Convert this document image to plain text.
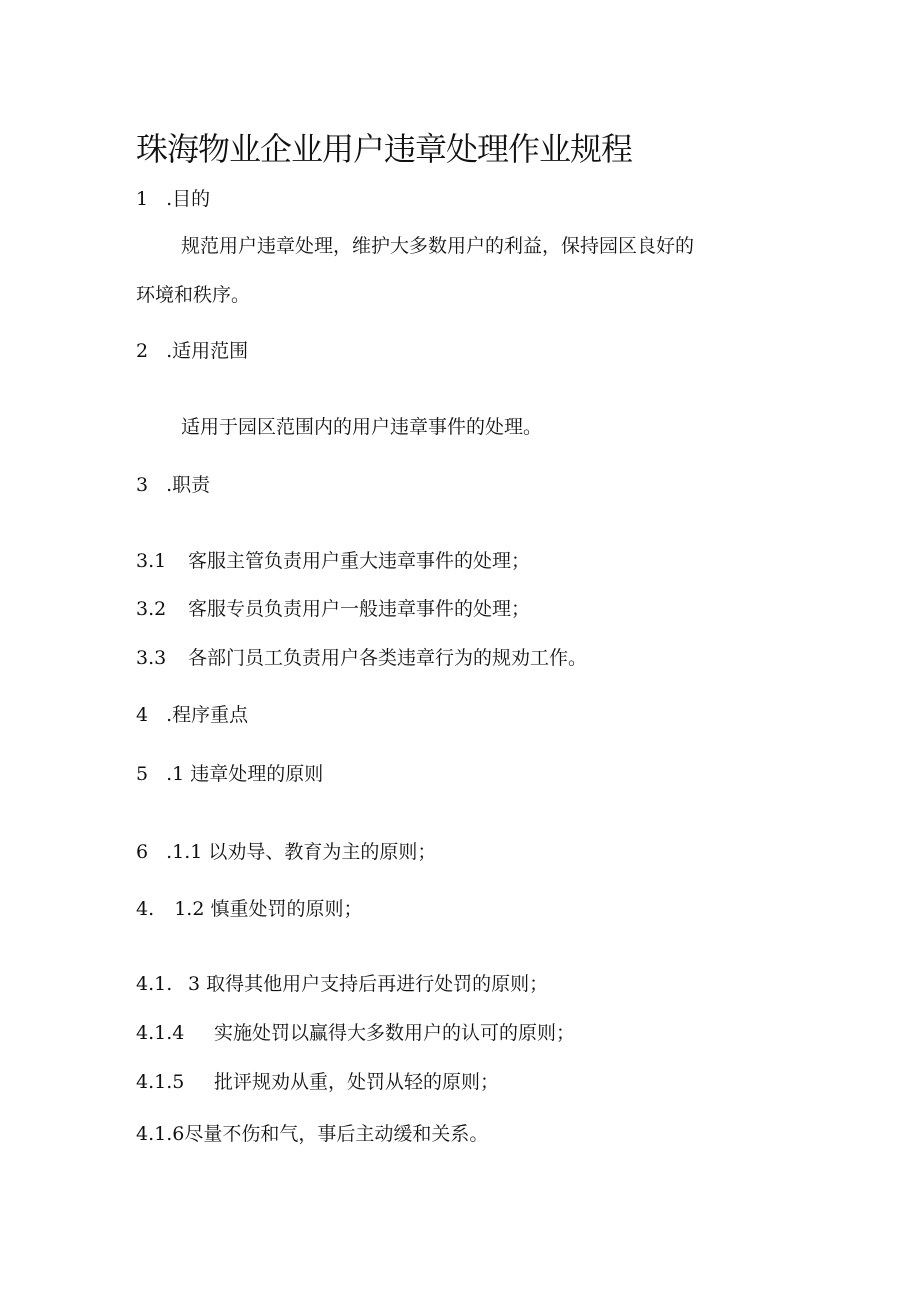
珠海物业企业用户违章处理作业规程
1 .目的
规范用户违章处理，维护大多数用户的利益，保持园区良好的
环境和秩序。
2 .适用范围
适用于园区范围内的用户违章事件的处理。
3 .职责
3.1 客服主管负责用户重大违章事件的处理；
3.2 客服专员负责用户一般违章事件的处理；
3.3 各部门员工负责用户各类违章行为的规劝工作。
4 .程序重点
5 .1 违章处理的原则
6 .1.1 以劝导、教育为主的原则；
4. 1.2 慎重处罚的原则；
4.1. 3 取得其他用户支持后再进行处罚的原则；
4.1.4 实施处罚以赢得大多数用户的认可的原则；
4.1.5 批评规劝从重，处罚从轻的原则；
4.1.6尽量不伤和气，事后主动缓和关系。
